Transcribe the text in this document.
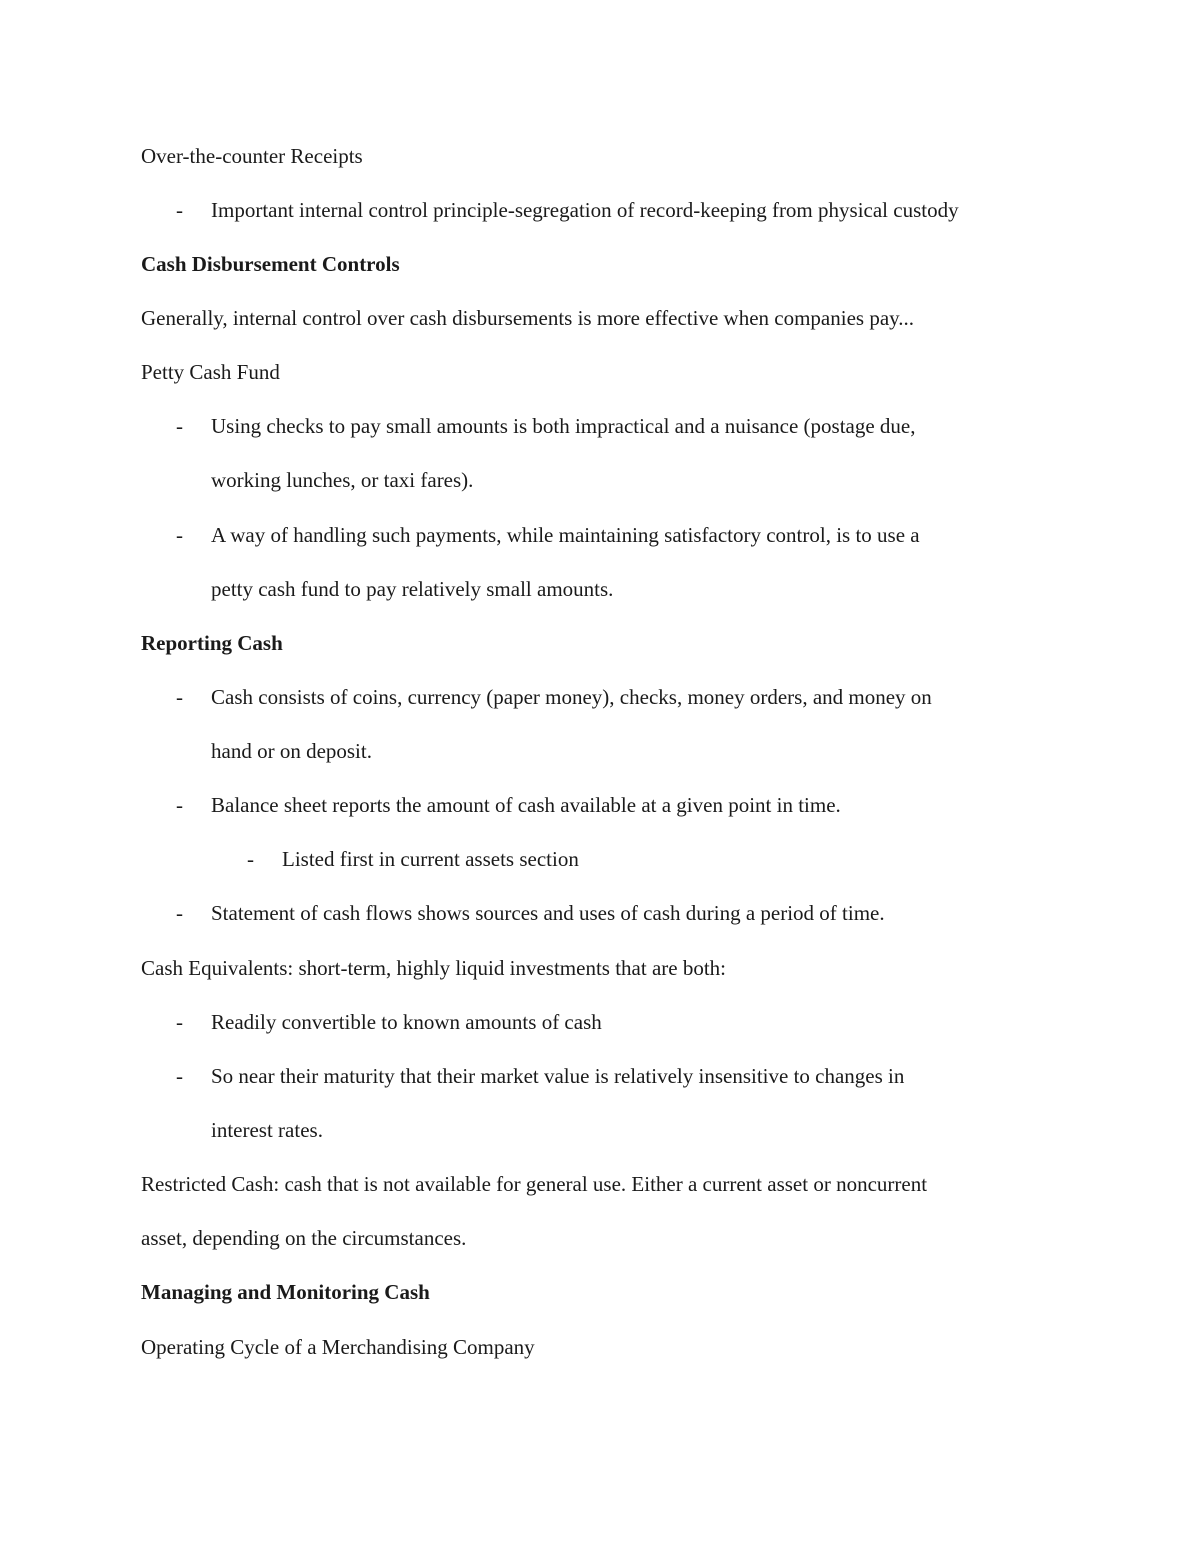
Over-the-counter Receipts
- Important internal control principle-segregation of record-keeping from physical custody
Cash Disbursement Controls
Generally, internal control over cash disbursements is more effective when companies pay...
Petty Cash Fund
- Using checks to pay small amounts is both impractical and a nuisance (postage due,
working lunches, or taxi fares).
- A way of handling such payments, while maintaining satisfactory control, is to use a
petty cash fund to pay relatively small amounts.
Reporting Cash
- Cash consists of coins, currency (paper money), checks, money orders, and money on
hand or on deposit.
- Balance sheet reports the amount of cash available at a given point in time.
- Listed first in current assets section
- Statement of cash flows shows sources and uses of cash during a period of time.
Cash Equivalents: short-term, highly liquid investments that are both:
- Readily convertible to known amounts of cash
- So near their maturity that their market value is relatively insensitive to changes in
interest rates.
Restricted Cash: cash that is not available for general use. Either a current asset or noncurrent
asset, depending on the circumstances.
Managing and Monitoring Cash
Operating Cycle of a Merchandising Company
